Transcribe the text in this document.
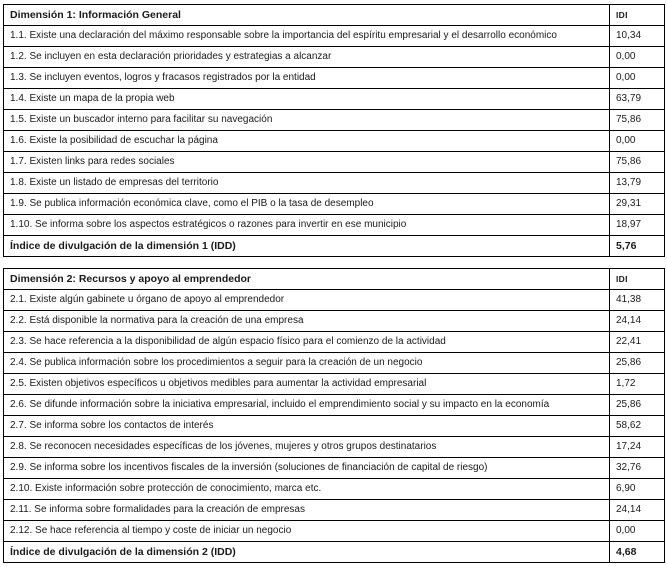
Dimensión 1: Información General	IDI
1.1. Existe una declaración del máximo responsable sobre la importancia del espíritu empresarial y el desarrollo económico	10,34
1.2. Se incluyen en esta declaración prioridades y estrategias a alcanzar	0,00
1.3. Se incluyen eventos, logros y fracasos registrados por la entidad	0,00
1.4. Existe un mapa de la propia web	63,79
1.5. Existe un buscador interno para facilitar su navegación	75,86
1.6. Existe la posibilidad de escuchar la página	0,00
1.7. Existen links para redes sociales	75,86
1.8. Existe un listado de empresas del territorio	13,79
1.9. Se publica información económica clave, como el PIB o la tasa de desempleo	29,31
1.10. Se informa sobre los aspectos estratégicos o razones para invertir en ese municipio	18,97
Índice de divulgación de la dimensión 1 (IDD)	5,76
Dimensión 2: Recursos y apoyo al emprendedor	IDI
2.1. Existe algún gabinete u órgano de apoyo al emprendedor	41,38
2.2. Está disponible la normativa para la creación de una empresa	24,14
2.3. Se hace referencia a la disponibilidad de algún espacio físico para el comienzo de la actividad	22,41
2.4. Se publica información sobre los procedimientos a seguir para la creación de un negocio	25,86
2.5. Existen objetivos específicos u objetivos medibles para aumentar la actividad empresarial	1,72
2.6. Se difunde información sobre la iniciativa empresarial, incluido el emprendimiento social y su impacto en la economía	25,86
2.7. Se informa sobre los contactos de interés	58,62
2.8. Se reconocen necesidades específicas de los jóvenes, mujeres y otros grupos destinatarios	17,24
2.9. Se informa sobre los incentivos fiscales de la inversión (soluciones de financiación de capital de riesgo)	32,76
2.10. Existe información sobre protección de conocimiento, marca etc.	6,90
2.11. Se informa sobre formalidades para la creación de empresas	24,14
2.12. Se hace referencia al tiempo y coste de iniciar un negocio	0,00
Índice de divulgación de la dimensión 2 (IDD)	4,68
